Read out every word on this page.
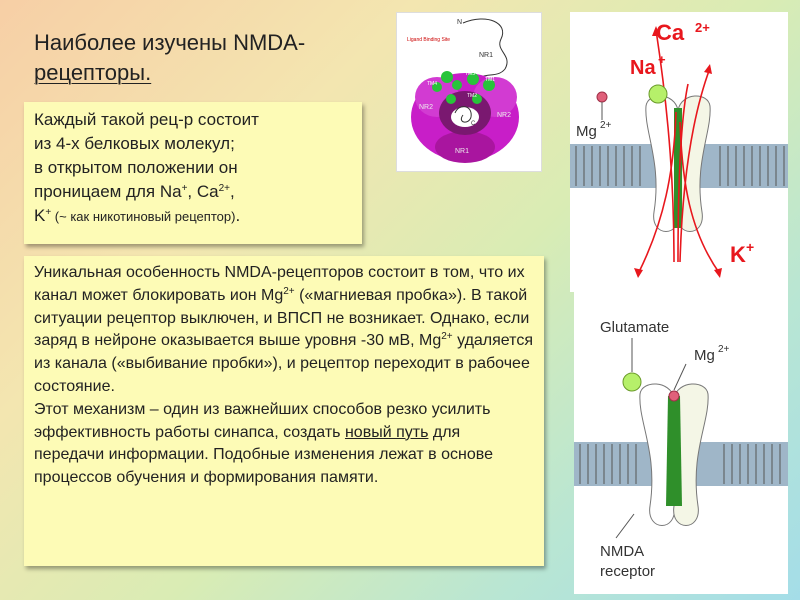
Наиболее изучены NMDA-
рецепторы.
Каждый такой рец-р состоит
из 4-х белковых молекул;
в открытом положении он
проницаем для Na+, $Ca^{2+}$,
K+ (~ как никотиновый рецептор).
Уникальная особенность NMDA-рецепторов состоит в том, что их канал может блокировать ион $Mg^{2+}$ («магниевая пробка»). В такой ситуации рецептор выключен, и ВПСП не возникает. Однако, если заряд в нейроне оказывается выше уровня -30 мВ, $Mg^{2+}$ удаляется из канала («выбивание пробки»), и рецептор переходит в рабочее состояние.
Этот механизм – один из важнейших способов резко усилить эффективность работы синапса, создать новый путь для передачи информации. Подобные изменения лежат в основе процессов обучения и формирования памяти.
N
Ligand Binding Site
C
TM3
TM4
TM1
TM2
NR1
NR2
NR2
NR1
Ca 2+
Na +
Mg 2+
K +
Glutamate
Mg 2+
NMDA
receptor
